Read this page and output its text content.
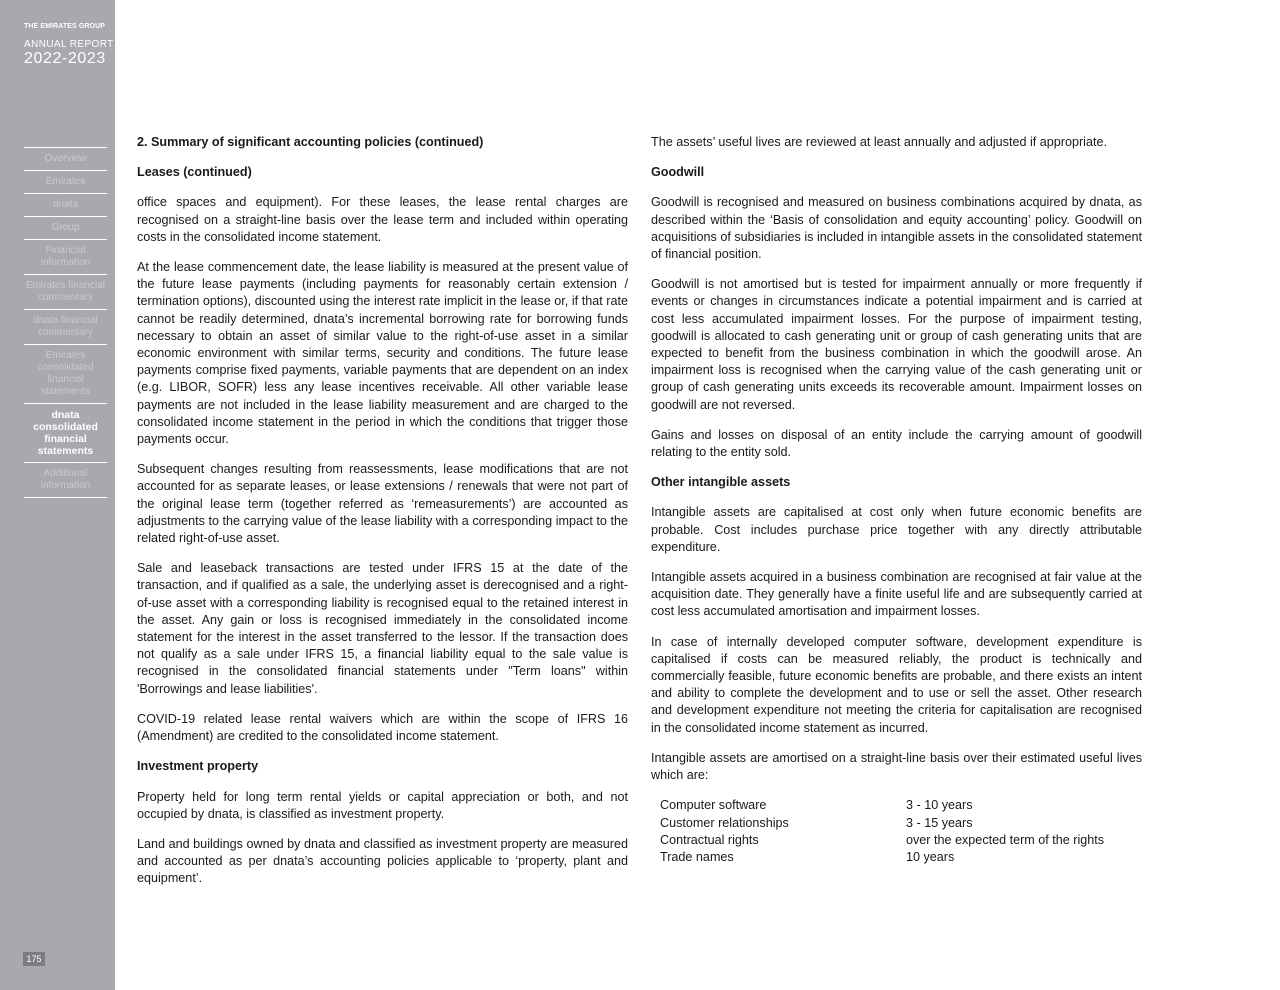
THE EMIRATES GROUP
ANNUAL REPORT
2022-2023
Overview
Emirates
dnata
Group
Financial information
Emirates financial commentary
dnata financial commentary
Emirates consolidated financial statements
dnata consolidated financial statements
Additional information
175
2. Summary of significant accounting policies (continued)
Leases (continued)

office spaces and equipment). For these leases, the lease rental charges are recognised on a straight-line basis over the lease term and included within operating costs in the consolidated income statement.

At the lease commencement date, the lease liability is measured at the present value of the future lease payments (including payments for reasonably certain extension / termination options), discounted using the interest rate implicit in the lease or, if that rate cannot be readily determined, dnata’s incremental borrowing rate for borrowing funds necessary to obtain an asset of similar value to the right-of-use asset in a similar economic environment with similar terms, security and conditions. The future lease payments comprise fixed payments, variable payments that are dependent on an index (e.g. LIBOR, SOFR) less any lease incentives receivable. All other variable lease payments are not included in the lease liability measurement and are charged to the consolidated income statement in the period in which the conditions that trigger those payments occur.

Subsequent changes resulting from reassessments, lease modifications that are not accounted for as separate leases, or lease extensions / renewals that were not part of the original lease term (together referred as ‘remeasurements’) are accounted as adjustments to the carrying value of the lease liability with a corresponding impact to the related right-of-use asset.

Sale and leaseback transactions are tested under IFRS 15 at the date of the transaction, and if qualified as a sale, the underlying asset is derecognised and a right-of-use asset with a corresponding liability is recognised equal to the retained interest in the asset. Any gain or loss is recognised immediately in the consolidated income statement for the interest in the asset transferred to the lessor. If the transaction does not qualify as a sale under IFRS 15, a financial liability equal to the sale value is recognised in the consolidated financial statements under "Term loans" within 'Borrowings and lease liabilities'.

COVID-19 related lease rental waivers which are within the scope of IFRS 16 (Amendment) are credited to the consolidated income statement.

Investment property

Property held for long term rental yields or capital appreciation or both, and not occupied by dnata, is classified as investment property.

Land and buildings owned by dnata and classified as investment property are measured and accounted as per dnata’s accounting policies applicable to ‘property, plant and equipment’.

The assets’ useful lives are reviewed at least annually and adjusted if appropriate.

Goodwill

Goodwill is recognised and measured on business combinations acquired by dnata, as described within the ‘Basis of consolidation and equity accounting’ policy. Goodwill on acquisitions of subsidiaries is included in intangible assets in the consolidated statement of financial position.

Goodwill is not amortised but is tested for impairment annually or more frequently if events or changes in circumstances indicate a potential impairment and is carried at cost less accumulated impairment losses. For the purpose of impairment testing, goodwill is allocated to cash generating unit or group of cash generating units that are expected to benefit from the business combination in which the goodwill arose. An impairment loss is recognised when the carrying value of the cash generating unit or group of cash generating units exceeds its recoverable amount. Impairment losses on goodwill are not reversed.

Gains and losses on disposal of an entity include the carrying amount of goodwill relating to the entity sold.

Other intangible assets

Intangible assets are capitalised at cost only when future economic benefits are probable. Cost includes purchase price together with any directly attributable expenditure.

Intangible assets acquired in a business combination are recognised at fair value at the acquisition date. They generally have a finite useful life and are subsequently carried at cost less accumulated amortisation and impairment losses.

In case of internally developed computer software, development expenditure is capitalised if costs can be measured reliably, the product is technically and commercially feasible, future economic benefits are probable, and there exists an intent and ability to complete the development and to use or sell the asset. Other research and development expenditure not meeting the criteria for capitalisation are recognised in the consolidated income statement as incurred.

Intangible assets are amortised on a straight-line basis over their estimated useful lives which are:

Computer software	3 - 10 years
Customer relationships	3 - 15 years
Contractual rights	over the expected term of the rights
Trade names	10 years
